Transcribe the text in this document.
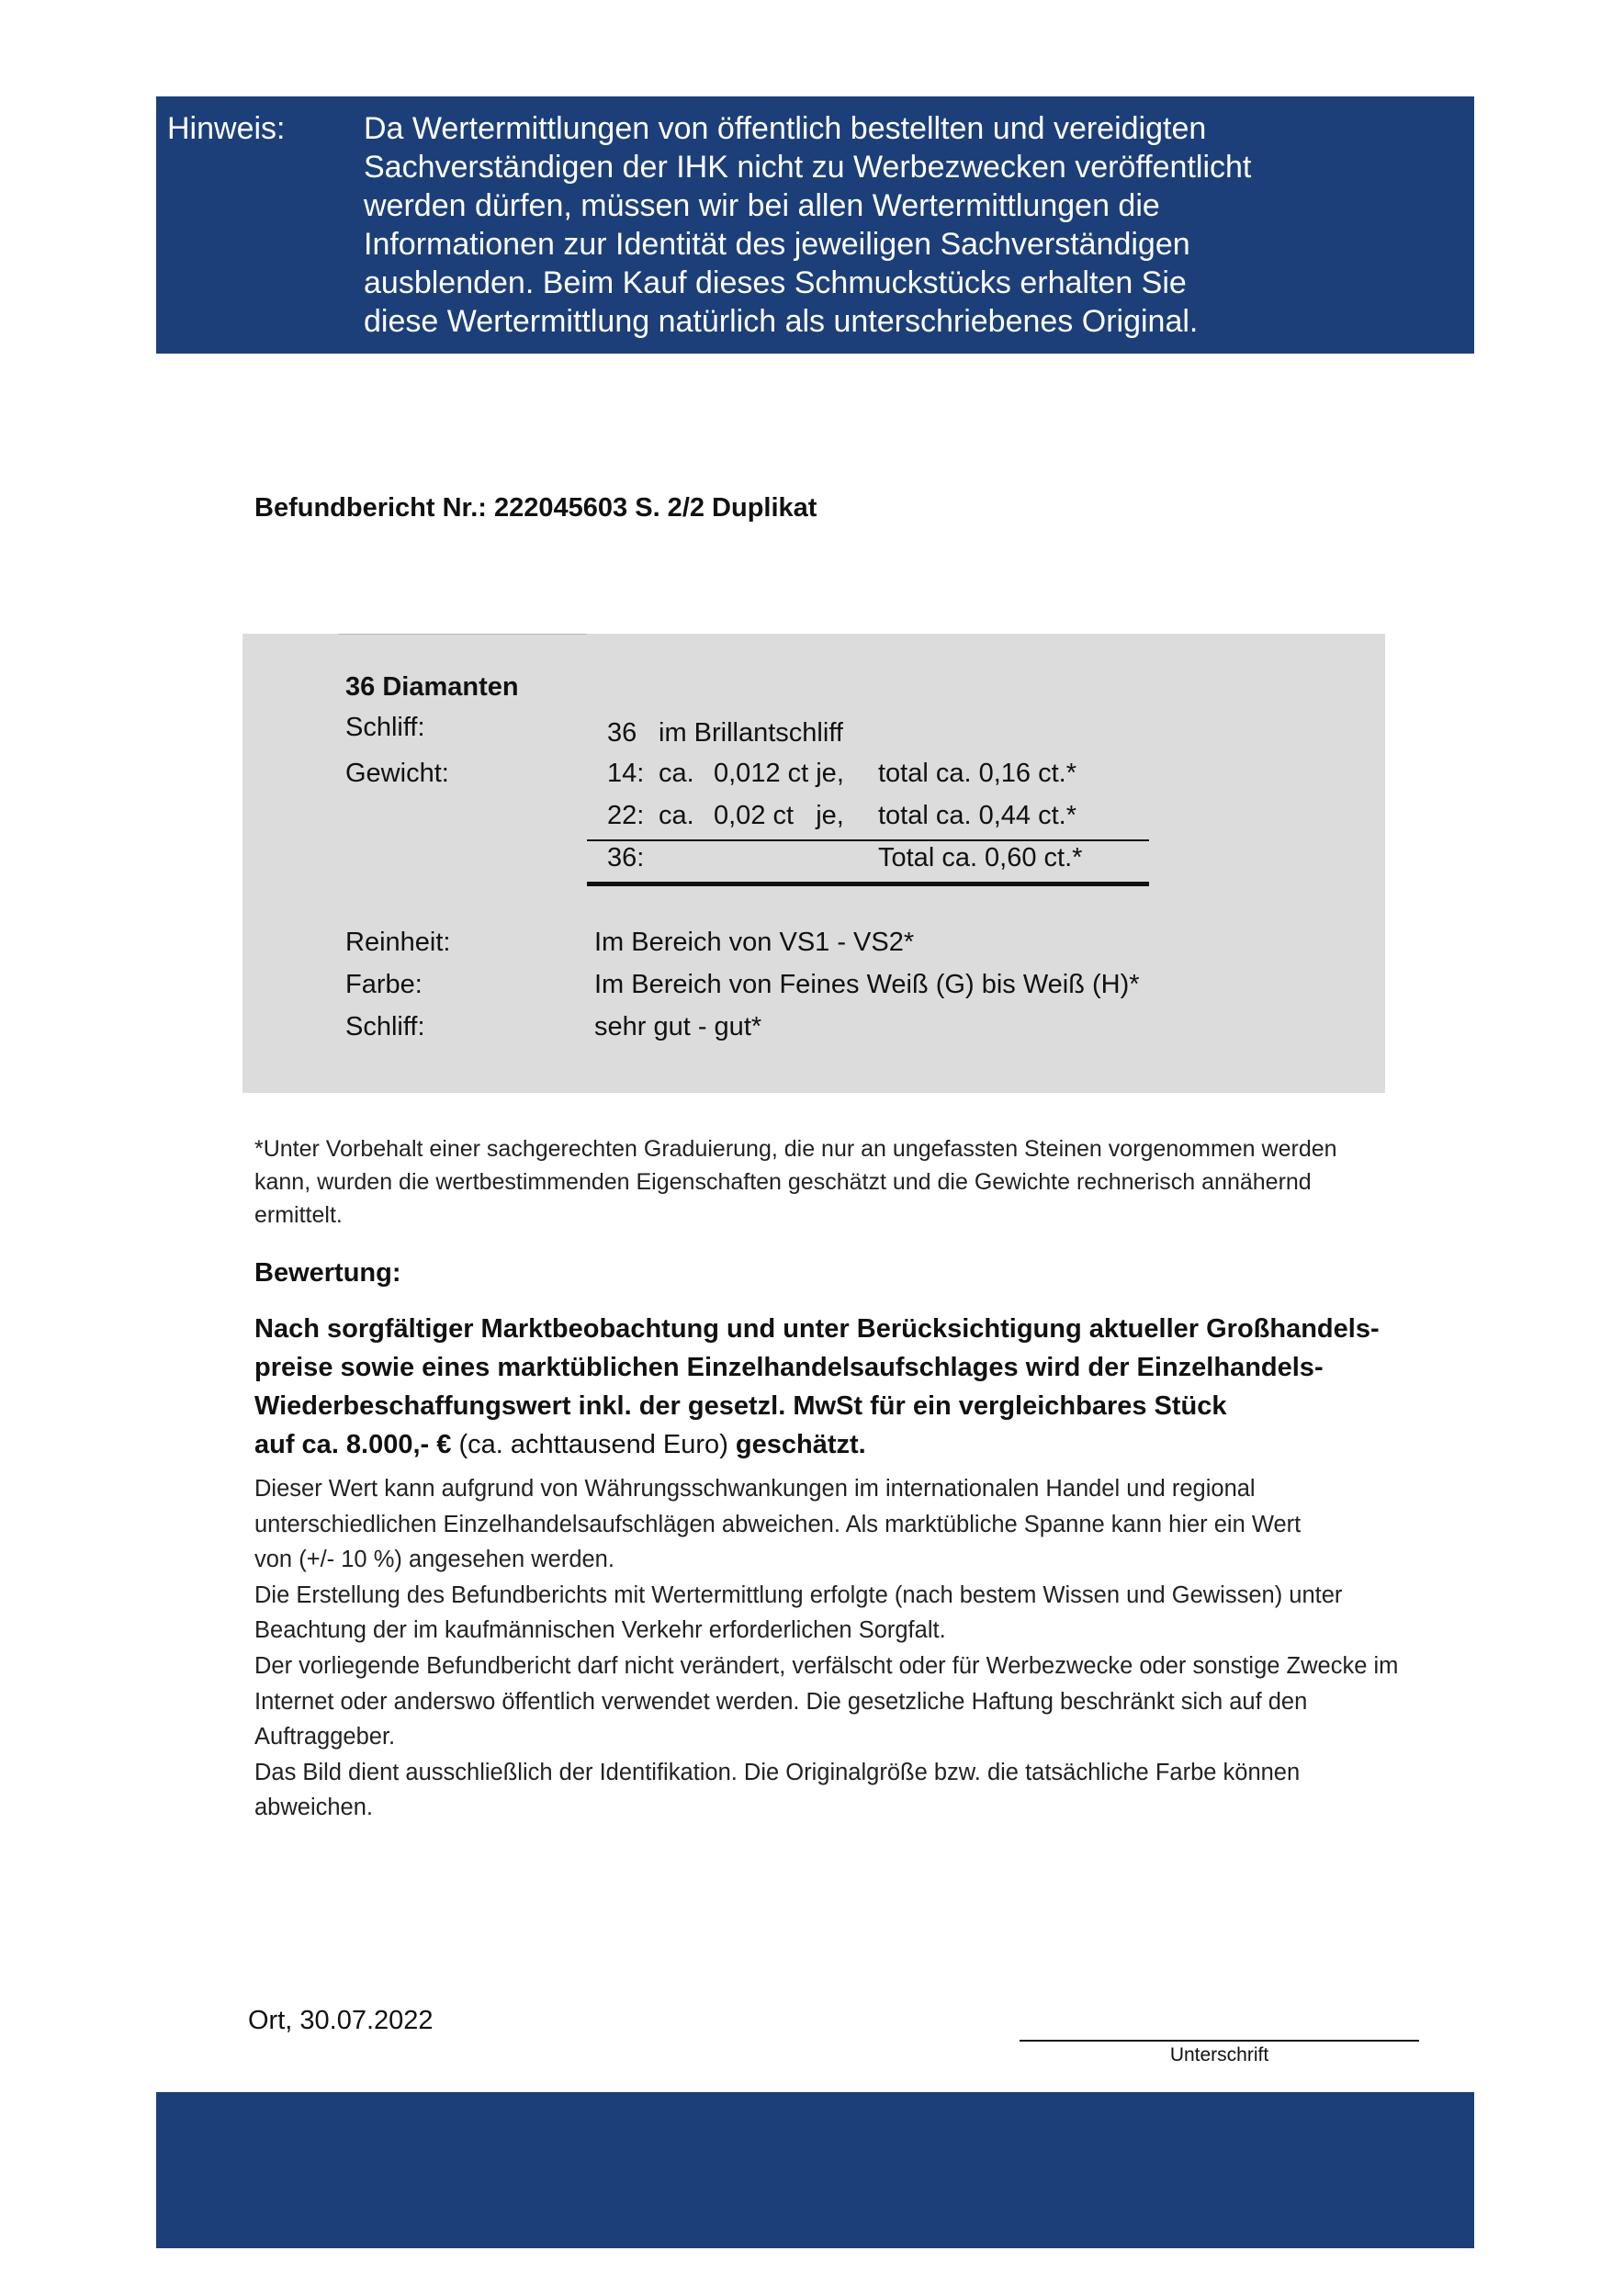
Hinweis:	Da Wertermittlungen von öffentlich bestellten und vereidigten
Sachverständigen der IHK nicht zu Werbezwecken veröffentlicht
werden dürfen, müssen wir bei allen Wertermittlungen die
Informationen zur Identität des jeweiligen Sachverständigen
ausblenden. Beim Kauf dieses Schmuckstücks erhalten Sie
diese Wertermittlung natürlich als unterschriebenes Original.
Befundbericht Nr.: 222045603 S. 2/2 Duplikat
36 Diamanten
Schliff:	36 im Brillantschliff
Gewicht:	14: ca. 0,012 ct je, total ca. 0,16 ct.*
22: ca. 0,02 ct   je, total ca. 0,44 ct.*
36:	Total ca. 0,60 ct.*
Reinheit:	Im Bereich von VS1 - VS2*
Farbe:	Im Bereich von Feines Weiß (G) bis Weiß (H)*
Schliff:	sehr gut - gut*
*Unter Vorbehalt einer sachgerechten Graduierung, die nur an ungefassten Steinen vorgenommen werden
kann, wurden die wertbestimmenden Eigenschaften geschätzt und die Gewichte rechnerisch annähernd
ermittelt.
Bewertung:
Nach sorgfältiger Marktbeobachtung und unter Berücksichtigung aktueller Großhandels-
preise sowie eines marktüblichen Einzelhandelsaufschlages wird der Einzelhandels-
Wiederbeschaffungswert inkl. der gesetzl. MwSt für ein vergleichbares Stück
auf ca. 8.000,- € (ca. achttausend Euro) geschätzt.
Dieser Wert kann aufgrund von Währungsschwankungen im internationalen Handel und regional
unterschiedlichen Einzelhandelsaufschlägen abweichen. Als marktübliche Spanne kann hier ein Wert
von (+/- 10 %) angesehen werden.
Die Erstellung des Befundberichts mit Wertermittlung erfolgte (nach bestem Wissen und Gewissen) unter
Beachtung der im kaufmännischen Verkehr erforderlichen Sorgfalt.
Der vorliegende Befundbericht darf nicht verändert, verfälscht oder für Werbezwecke oder sonstige Zwecke im
Internet oder anderswo öffentlich verwendet werden. Die gesetzliche Haftung beschränkt sich auf den
Auftraggeber.
Das Bild dient ausschließlich der Identifikation. Die Originalgröße bzw. die tatsächliche Farbe können
abweichen.
Ort, 30.07.2022
Unterschrift
